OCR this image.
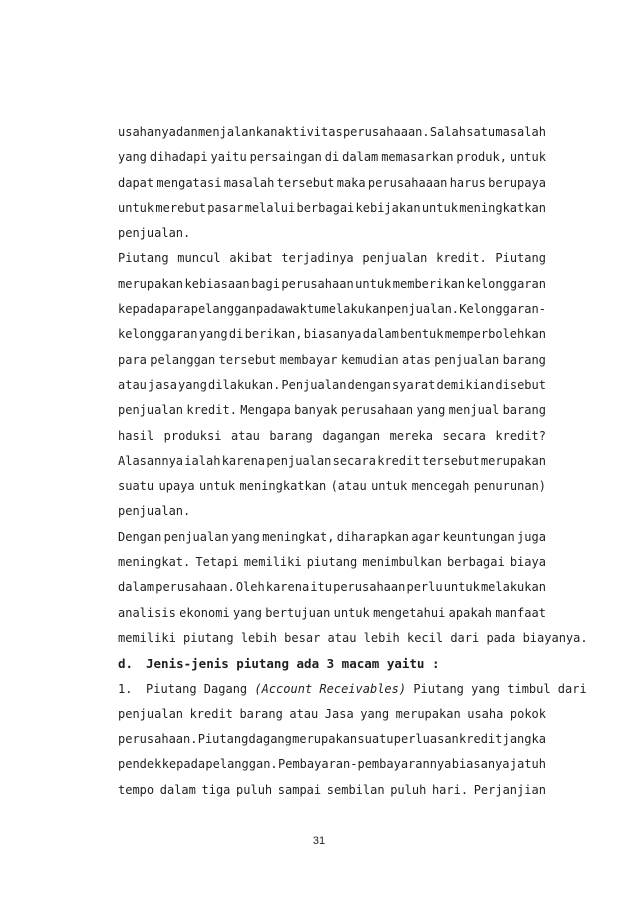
usahanya dan menjalankan aktivitas perusahaaan. Salah satu masalah
yang dihadapi yaitu persaingan di dalam memasarkan produk, untuk
dapat mengatasi masalah tersebut maka perusahaaan harus berupaya
untuk merebut pasar melalui berbagai kebijakan untuk meningkatkan
penjualan.
Piutang muncul akibat terjadinya penjualan kredit. Piutang
merupakan kebiasaan bagi perusahaan untuk memberikan kelonggaran
kepada para pelanggan pada waktu melakukan penjualan. Kelonggaran-
kelonggaran yang di berikan, biasanya dalam bentuk memperbolehkan
para pelanggan tersebut membayar kemudian atas penjualan barang
atau jasa yang dilakukan. Penjualan dengan syarat demikian disebut
penjualan kredit. Mengapa banyak perusahaan yang menjual barang
hasil produksi atau barang dagangan mereka secara kredit?
Alasannya ialah karena penjualan secara kredit tersebut merupakan
suatu upaya untuk meningkatkan (atau untuk mencegah penurunan)
penjualan.
Dengan penjualan yang meningkat, diharapkan agar keuntungan juga
meningkat. Tetapi memiliki piutang menimbulkan berbagai biaya
dalam perusahaan. Oleh karena itu perusahaan perlu untuk melakukan
analisis ekonomi yang bertujuan untuk mengetahui apakah manfaat
memiliki piutang lebih besar atau lebih kecil dari pada biayanya.
d. Jenis-jenis piutang ada 3 macam yaitu :
1. Piutang Dagang (Account Receivables) Piutang yang timbul dari
penjualan kredit barang atau Jasa yang merupakan usaha pokok
perusahaan. Piutang dagang merupakan suatu perluasan kredit jangka
pendek kepada pelanggan. Pembayaran-pembayarannya biasanya jatuh
tempo dalam tiga puluh sampai sembilan puluh hari. Perjanjian
31
